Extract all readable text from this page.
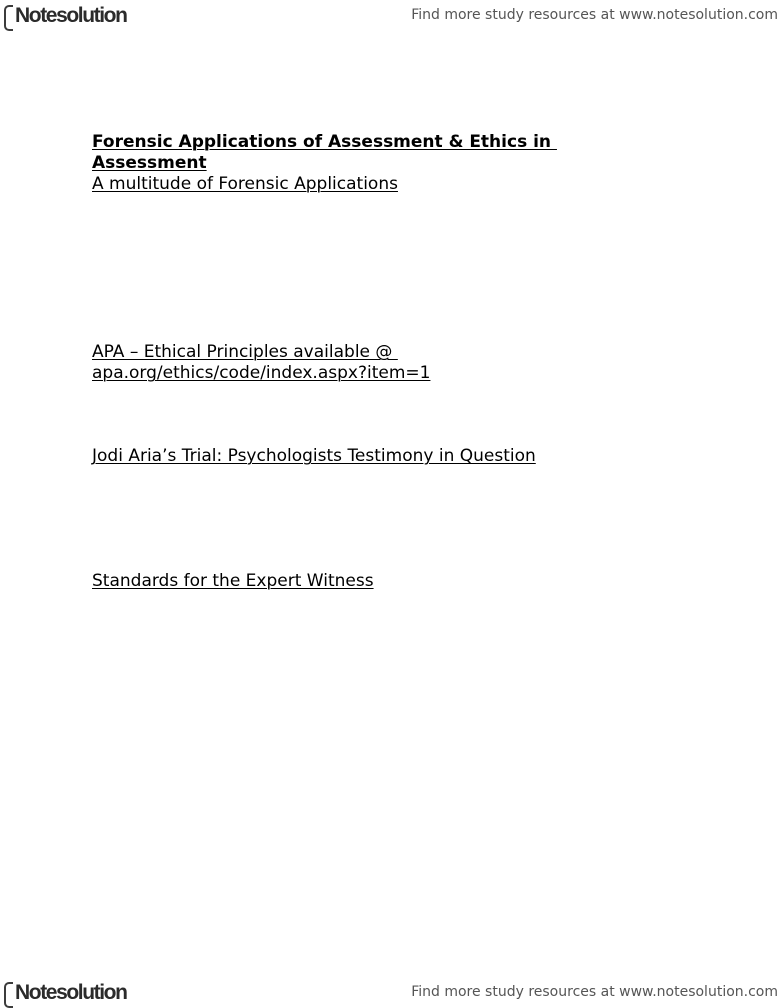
Notesolution	Find more study resources at www.notesolution.com
Forensic Applications of Assessment & Ethics in
Assessment
A multitude of Forensic Applications
APA – Ethical Principles available @
apa.org/ethics/code/index.aspx?item=1
Jodi Aria’s Trial: Psychologists Testimony in Question
Standards for the Expert Witness
Notesolution	Find more study resources at www.notesolution.com
